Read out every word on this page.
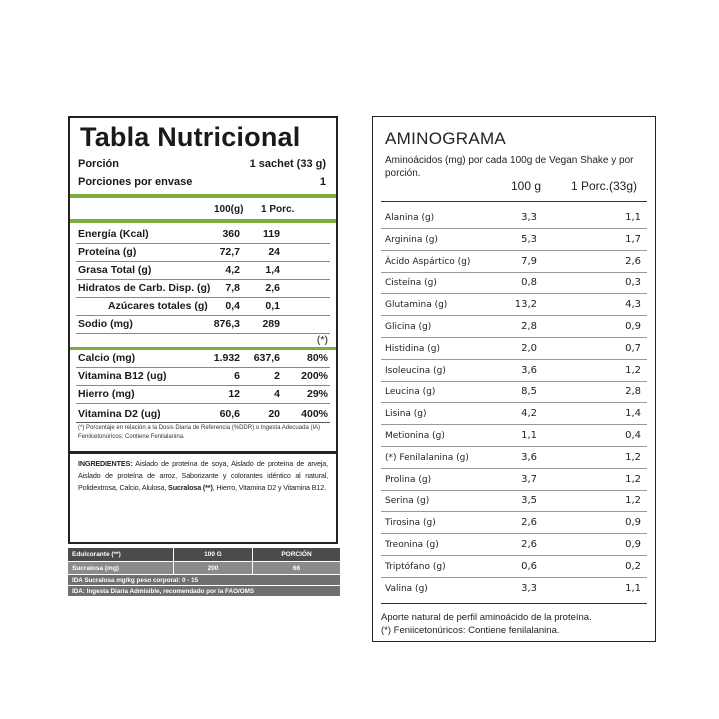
Tabla Nutricional
Porción	1 sachet (33 g)
Porciones por envase	1
100(g) 1 Porc.
Energía (Kcal)	360 119
Proteína (g)	72,7	24
Grasa Total (g)	4,2 1,4
Hidratos de Carb. Disp. (g) 7,8 2,6
Azúcares totales (g) 0,4 0,1
Sodio (mg)	876,3 289
Calcio (mg)	1.932 637,6	80%
Vitamina B12 (ug)	6	2 200%
Hierro (mg)	12	4	29%
Vitamina D2 (ug)	60,6	20 400%
(*)
(*) Porcentaje en relación a la Dosis Diaria de Referencia (%DDR) o Ingesta Adecuada (IA)
Fenilcetonúricos: Contiene Fenilalanina.
INGREDIENTES: Aislado de proteína de soya, Aislado de proteína de arveja, Aislado de proteína de arroz, Saborizante y colorantes idéntico al natural, Polidextrosa, Calcio, Alulosa, Sucralosa (**), Hierro, Vitamina D2 y Vitamina B12.
Edulcorante (**)	100 G	PORCIÓN
Sucralosa (mg)	200	66
IDA Sucralosa mg/kg peso corporal: 0 - 15
IDA: Ingesta Diaria Admisible, recomendado por la FAO/OMS
AMINOGRAMA
Aminoácidos (mg) por cada 100g de Vegan Shake y por porción.
100 g 1 Porc.(33g)
Alanina (g)	3,3	1,1
Arginina (g)	5,3	1,7
Ácido Aspártico (g)	7,9	2,6
Cisteína (g)	0,8	0,3
Glutamina (g)	13,2	4,3
Glicina (g)	2,8	0,9
Histidina (g)	2,0	0,7
Isoleucina (g)	3,6	1,2
Leucina (g)	8,5	2,8
Lisina (g)	4,2	1,4
Metionina (g)	1,1	0,4
(*) Fenilalanina (g)	3,6	1,2
Prolina (g)	3,7	1,2
Serina (g)	3,5	1,2
Tirosina (g)	2,6	0,9
Treonina (g)	2,6	0,9
Triptófano (g)	0,6	0,2
Valina (g)	3,3	1,1
Aporte natural de perfil aminoácido de la proteína.
(*) Feniicetonúricos: Contiene fenilalanina.
